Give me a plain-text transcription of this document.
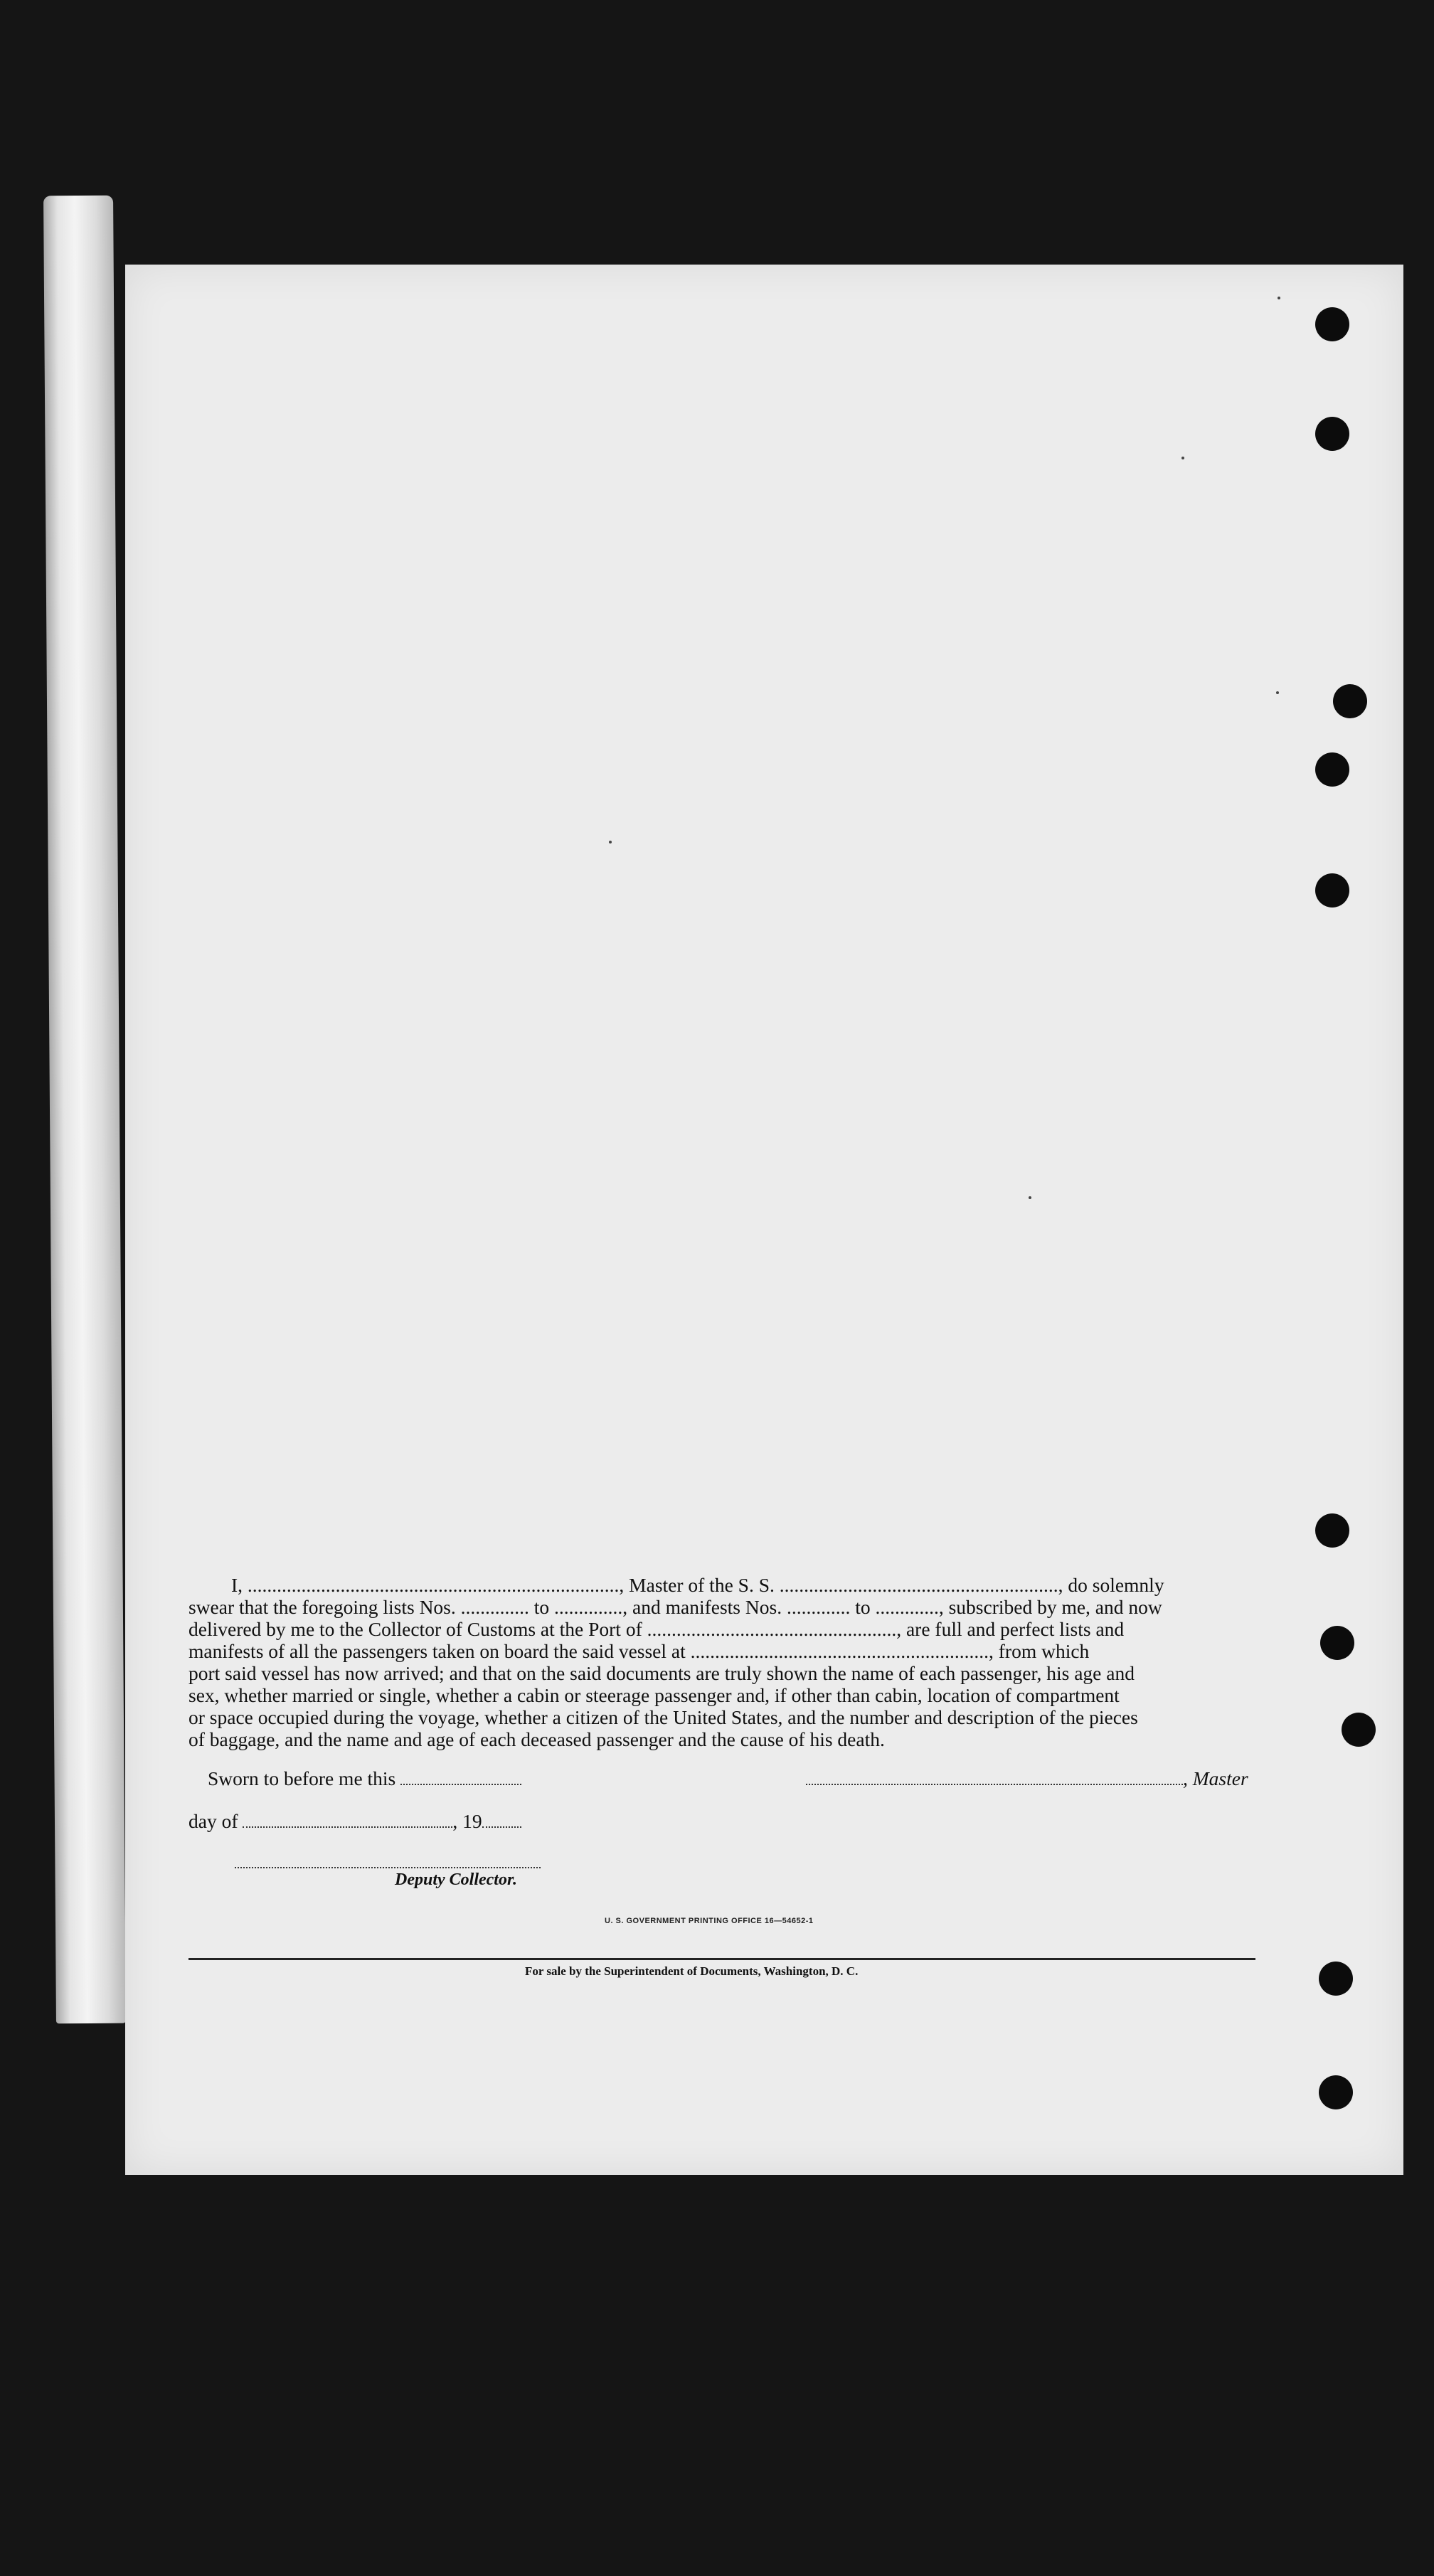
I, ............................................................................, Master of the S. S. ........................................................., do solemnly

swear that the foregoing lists Nos. .............. to .............., and manifests Nos. ............. to ............., subscribed by me, and now

delivered by me to the Collector of Customs at the Port of ..................................................., are full and perfect lists and

manifests of all the passengers taken on board the said vessel at ............................................................., from which

port said vessel has now arrived; and that on the said documents are truly shown the name of each passenger, his age and

sex, whether married or single, whether a cabin or steerage passenger and, if other than cabin, location of compartment

or space occupied during the voyage, whether a citizen of the United States, and the number and description of the pieces

of baggage, and the name and age of each deceased passenger and the cause of his death.

Sworn to before me this	, Master
day of	, 19
Deputy Collector.
U. S. GOVERNMENT PRINTING OFFICE 16—54652-1
For sale by the Superintendent of Documents, Washington, D. C.
